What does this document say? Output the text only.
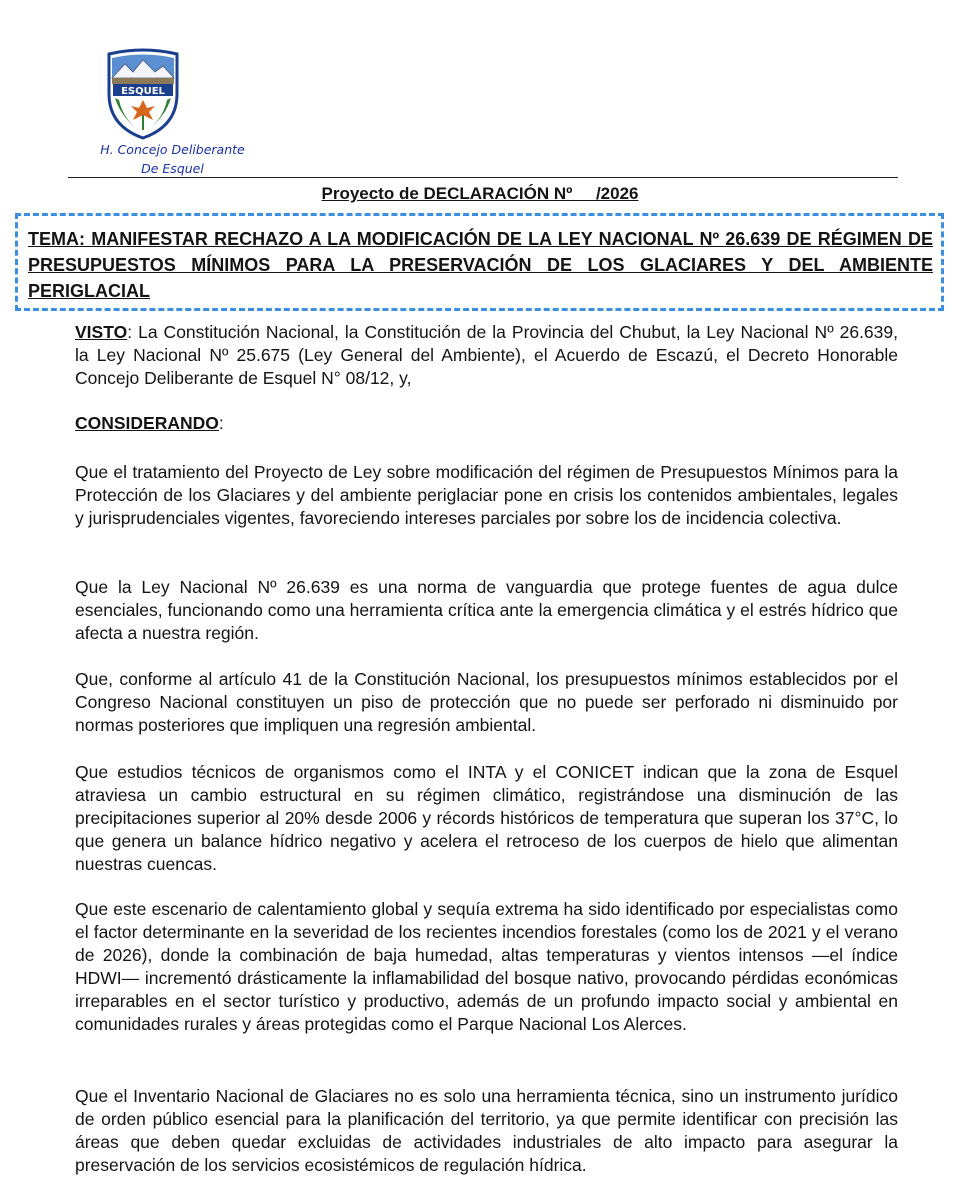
ESQUEL
H. Concejo Deliberante
De Esquel
Proyecto de DECLARACIÓN Nº     /2026
TEMA: MANIFESTAR RECHAZO A LA MODIFICACIÓN DE LA LEY NACIONAL Nº 26.639 DE RÉGIMEN DE PRESUPUESTOS MÍNIMOS PARA LA PRESERVACIÓN DE LOS GLACIARES Y DEL AMBIENTE PERIGLACIAL
VISTO: La Constitución Nacional, la Constitución de la Provincia del Chubut, la Ley Nacional Nº 26.639, la Ley Nacional Nº 25.675 (Ley General del Ambiente), el Acuerdo de Escazú, el Decreto Honorable Concejo Deliberante de Esquel N° 08/12, y,
CONSIDERANDO:
Que el tratamiento del Proyecto de Ley sobre modificación del régimen de Presupuestos Mínimos para la Protección de los Glaciares y del ambiente periglaciar pone en crisis los contenidos ambientales, legales y jurisprudenciales vigentes, favoreciendo intereses parciales por sobre los de incidencia colectiva.
Que la Ley Nacional Nº 26.639 es una norma de vanguardia que protege fuentes de agua dulce esenciales, funcionando como una herramienta crítica ante la emergencia climática y el estrés hídrico que afecta a nuestra región.
Que, conforme al artículo 41 de la Constitución Nacional, los presupuestos mínimos establecidos por el Congreso Nacional constituyen un piso de protección que no puede ser perforado ni disminuido por normas posteriores que impliquen una regresión ambiental.
Que estudios técnicos de organismos como el INTA y el CONICET indican que la zona de Esquel atraviesa un cambio estructural en su régimen climático, registrándose una disminución de las precipitaciones superior al 20% desde 2006 y récords históricos de temperatura que superan los 37°C, lo que genera un balance hídrico negativo y acelera el retroceso de los cuerpos de hielo que alimentan nuestras cuencas.
Que este escenario de calentamiento global y sequía extrema ha sido identificado por especialistas como el factor determinante en la severidad de los recientes incendios forestales (como los de 2021 y el verano de 2026), donde la combinación de baja humedad, altas temperaturas y vientos intensos —el índice HDWI— incrementó drásticamente la inflamabilidad del bosque nativo, provocando pérdidas económicas irreparables en el sector turístico y productivo, además de un profundo impacto social y ambiental en comunidades rurales y áreas protegidas como el Parque Nacional Los Alerces.
Que el Inventario Nacional de Glaciares no es solo una herramienta técnica, sino un instrumento jurídico de orden público esencial para la planificación del territorio, ya que permite identificar con precisión las áreas que deben quedar excluidas de actividades industriales de alto impacto para asegurar la preservación de los servicios ecosistémicos de regulación hídrica.
